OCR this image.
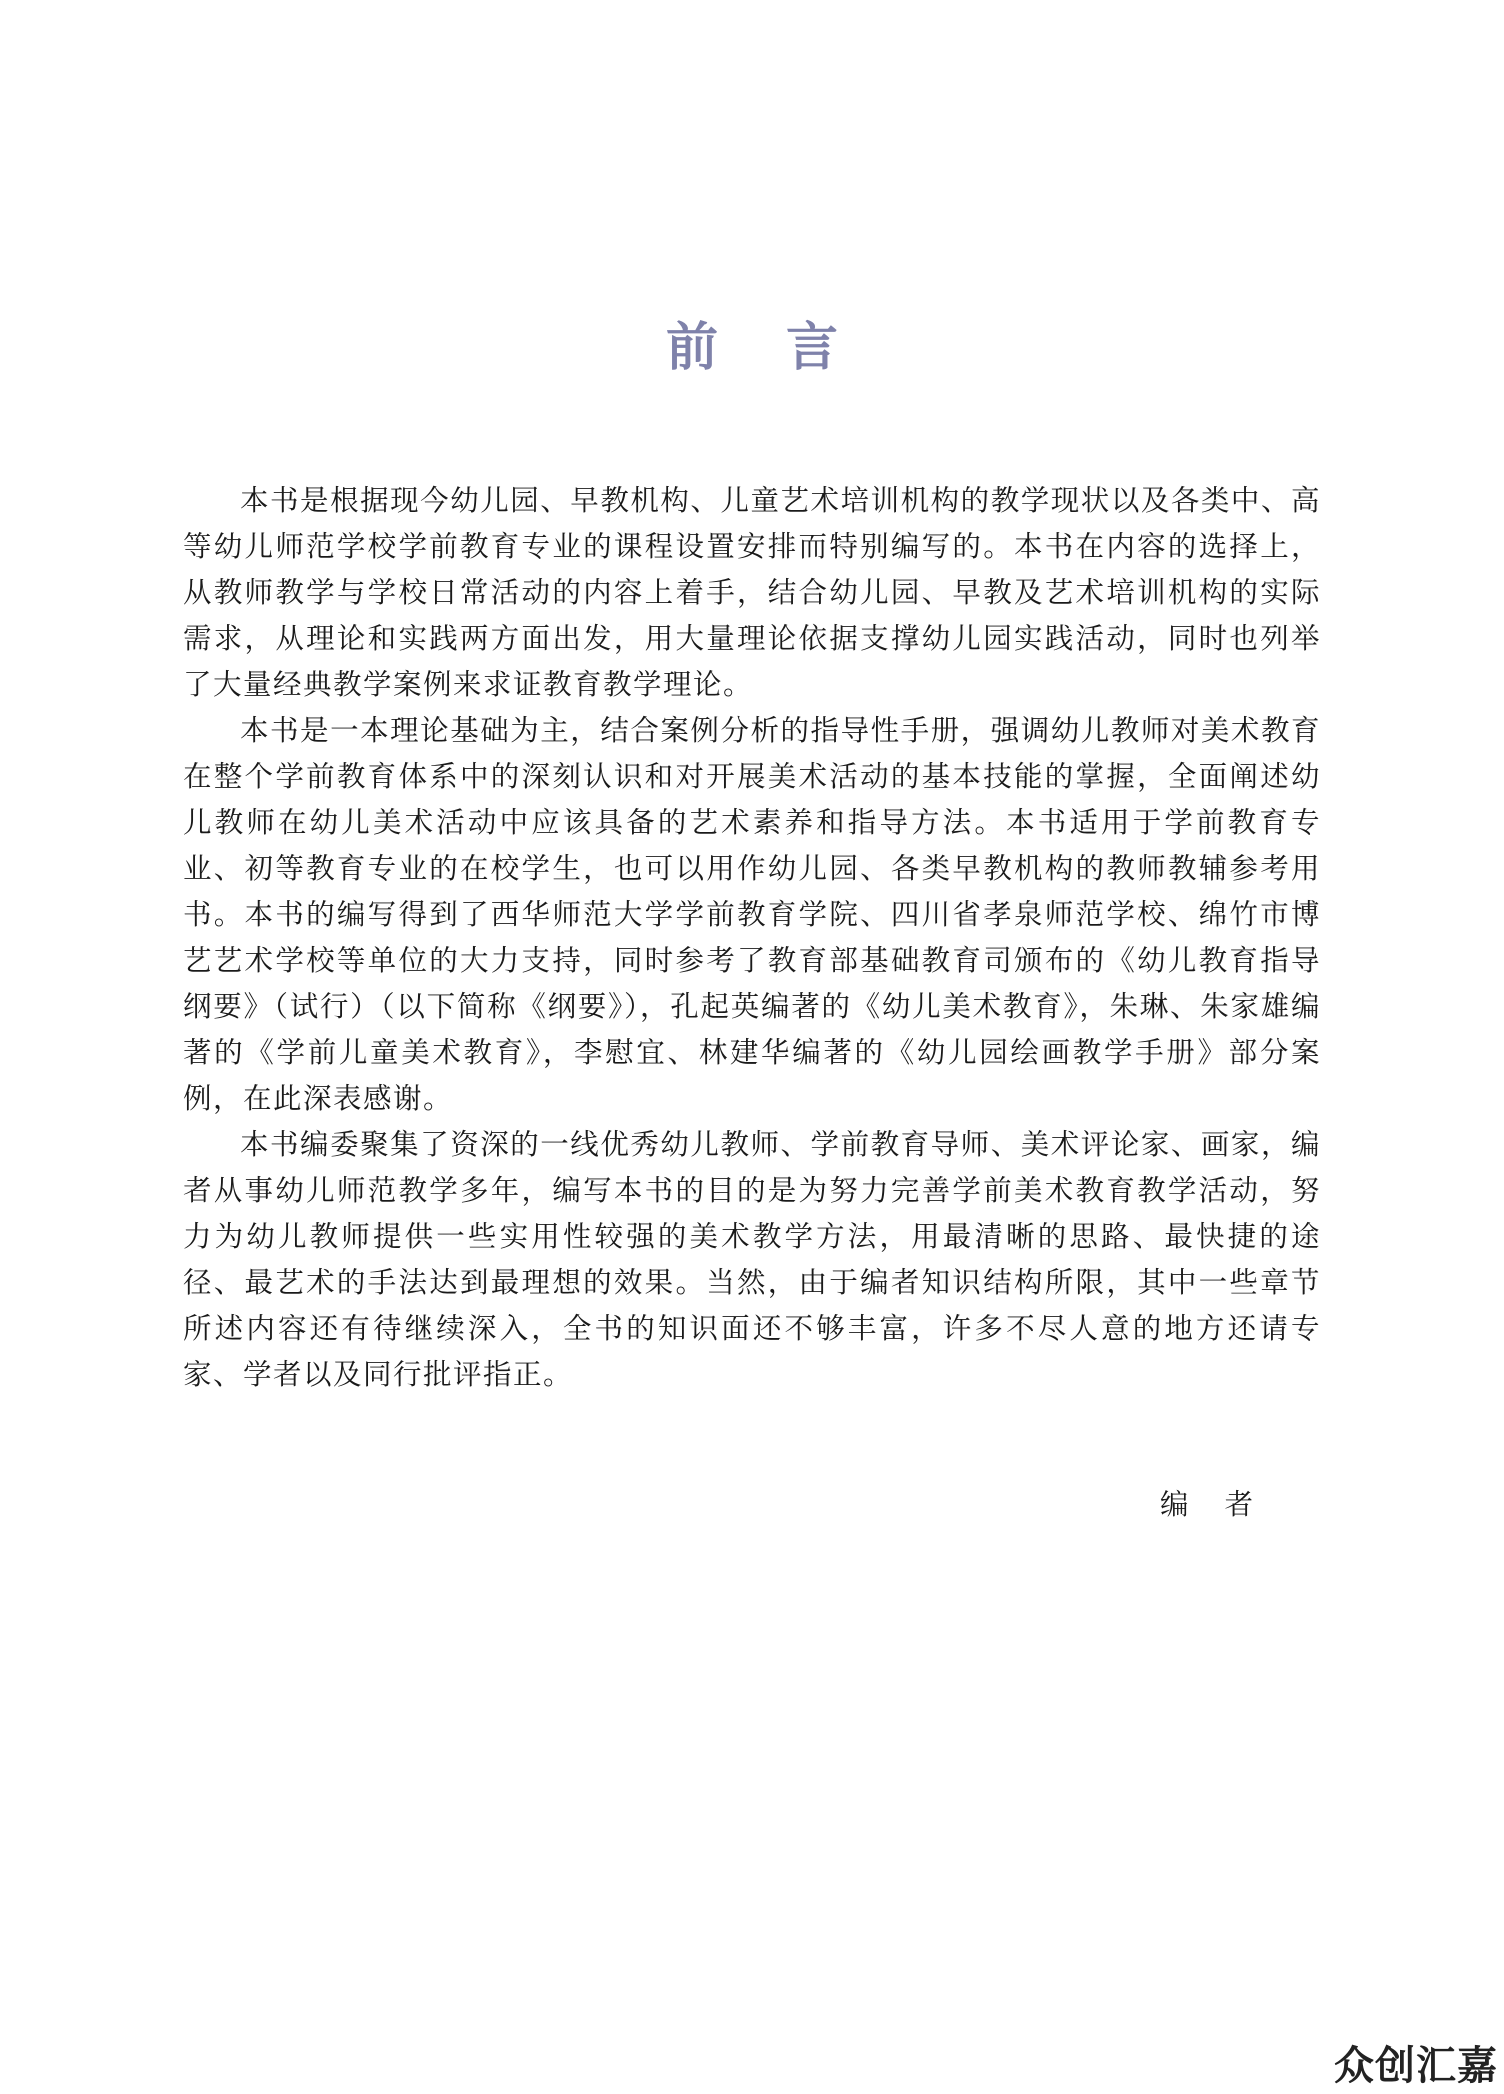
前言

本书是根据现今幼儿园、早教机构、儿童艺术培训机构的教学现状以及各类中、高等幼儿师范学校学前教育专业的课程设置安排而特别编写的。本书在内容的选择上，从教师教学与学校日常活动的内容上着手，结合幼儿园、早教及艺术培训机构的实际需求，从理论和实践两方面出发，用大量理论依据支撑幼儿园实践活动，同时也列举了大量经典教学案例来求证教育教学理论。

本书是一本理论基础为主，结合案例分析的指导性手册，强调幼儿教师对美术教育在整个学前教育体系中的深刻认识和对开展美术活动的基本技能的掌握，全面阐述幼儿教师在幼儿美术活动中应该具备的艺术素养和指导方法。本书适用于学前教育专业、初等教育专业的在校学生，也可以用作幼儿园、各类早教机构的教师教辅参考用书。本书的编写得到了西华师范大学学前教育学院、四川省孝泉师范学校、绵竹市博艺艺术学校等单位的大力支持，同时参考了教育部基础教育司颁布的《幼儿教育指导纲要》（试行）（以下简称《纲要》），孔起英编著的《幼儿美术教育》，朱琳、朱家雄编著的《学前儿童美术教育》，李慰宜、林建华编著的《幼儿园绘画教学手册》部分案例，在此深表感谢。

本书编委聚集了资深的一线优秀幼儿教师、学前教育导师、美术评论家、画家，编者从事幼儿师范教学多年，编写本书的目的是为努力完善学前美术教育教学活动，努力为幼儿教师提供一些实用性较强的美术教学方法，用最清晰的思路、最快捷的途径、最艺术的手法达到最理想的效果。当然，由于编者知识结构所限，其中一些章节所述内容还有待继续深入，全书的知识面还不够丰富，许多不尽人意的地方还请专家、学者以及同行批评指正。

编者
众创汇嘉
